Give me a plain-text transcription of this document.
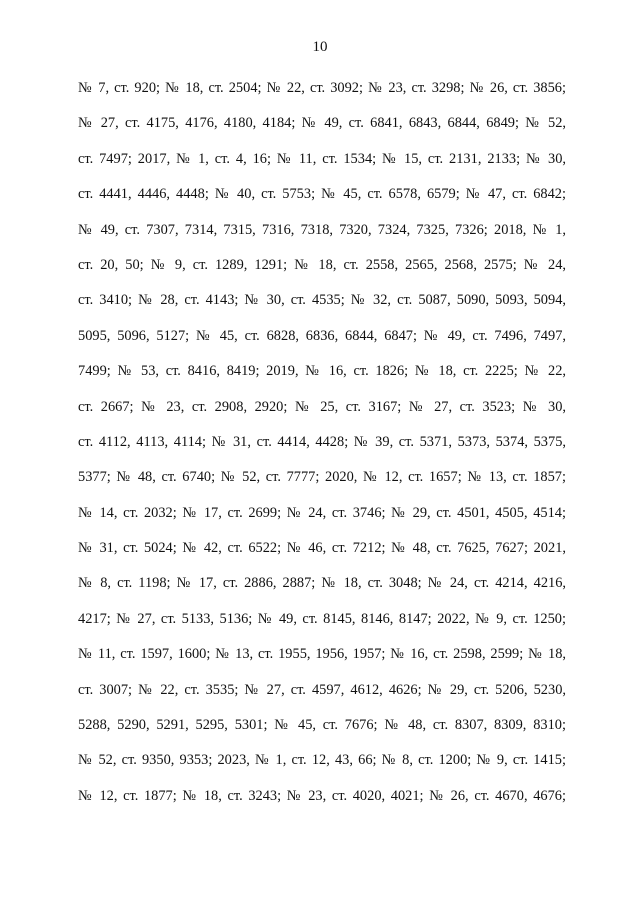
10
№ 7, ст. 920; № 18, ст. 2504; № 22, ст. 3092; № 23, ст. 3298; № 26, ст. 3856;
№ 27, ст. 4175, 4176, 4180, 4184; № 49, ст. 6841, 6843, 6844, 6849; № 52,
ст. 7497; 2017, № 1, ст. 4, 16; № 11, ст. 1534; № 15, ст. 2131, 2133; № 30,
ст. 4441, 4446, 4448; № 40, ст. 5753; № 45, ст. 6578, 6579; № 47, ст. 6842;
№ 49, ст. 7307, 7314, 7315, 7316, 7318, 7320, 7324, 7325, 7326; 2018, № 1,
ст. 20, 50; № 9, ст. 1289, 1291; № 18, ст. 2558, 2565, 2568, 2575; № 24,
ст. 3410; № 28, ст. 4143; № 30, ст. 4535; № 32, ст. 5087, 5090, 5093, 5094,
5095, 5096, 5127; № 45, ст. 6828, 6836, 6844, 6847; № 49, ст. 7496, 7497,
7499; № 53, ст. 8416, 8419; 2019, № 16, ст. 1826; № 18, ст. 2225; № 22,
ст. 2667; № 23, ст. 2908, 2920; № 25, ст. 3167; № 27, ст. 3523; № 30,
ст. 4112, 4113, 4114; № 31, ст. 4414, 4428; № 39, ст. 5371, 5373, 5374, 5375,
5377; № 48, ст. 6740; № 52, ст. 7777; 2020, № 12, ст. 1657; № 13, ст. 1857;
№ 14, ст. 2032; № 17, ст. 2699; № 24, ст. 3746; № 29, ст. 4501, 4505, 4514;
№ 31, ст. 5024; № 42, ст. 6522; № 46, ст. 7212; № 48, ст. 7625, 7627; 2021,
№ 8, ст. 1198; № 17, ст. 2886, 2887; № 18, ст. 3048; № 24, ст. 4214, 4216,
4217; № 27, ст. 5133, 5136; № 49, ст. 8145, 8146, 8147; 2022, № 9, ст. 1250;
№ 11, ст. 1597, 1600; № 13, ст. 1955, 1956, 1957; № 16, ст. 2598, 2599; № 18,
ст. 3007; № 22, ст. 3535; № 27, ст. 4597, 4612, 4626; № 29, ст. 5206, 5230,
5288, 5290, 5291, 5295, 5301; № 45, ст. 7676; № 48, ст. 8307, 8309, 8310;
№ 52, ст. 9350, 9353; 2023, № 1, ст. 12, 43, 66; № 8, ст. 1200; № 9, ст. 1415;
№ 12, ст. 1877; № 18, ст. 3243; № 23, ст. 4020, 4021; № 26, ст. 4670, 4676;
